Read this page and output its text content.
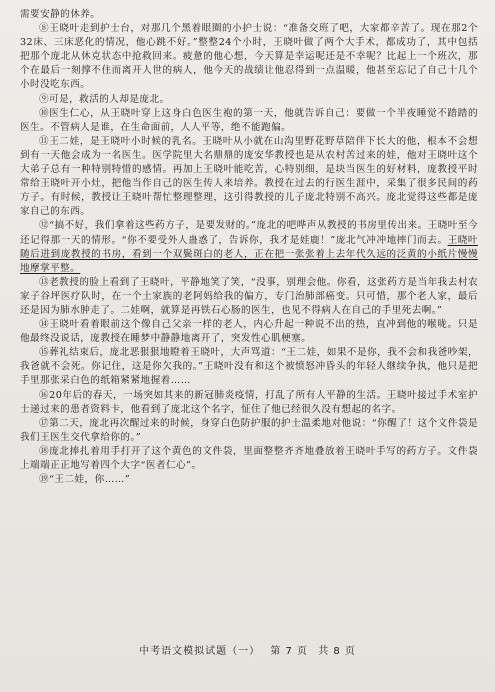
需要安静的休养。

⑧王晓叶走到护士台，对那几个黑着眼圈的小护士说：“准备交班了吧，大家都辛苦了。现在那2个32床、三床恶化的情况，他心跳不好。”整整24个小时，王晓叶做了两个大手术，都成功了，其中包括把那个庞北从休克状态中抢救回来。疲惫的他心想，今天算是幸运呢还是不幸呢？比起上一个班次，那个在最后一刻撑不住而离开人世的病人，他今天的战绩让他忍得到一点温暖，他甚至忘记了自己十几个小时没吃东西。

⑨可是，救活的人却是庞北。

⑩医生仁心，从王晓叶穿上这身白色医生袍的第一天，他就告诉自己：要做一个半夜睡觉不踏踏的医生。不管病人是谁，在生命面前，人人平等，绝不能跑偏。

⑪王二娃，是王晓叶小时候的乳名。王晓叶从小就在山沟里野花野草陪伴下长大的他，根本不会想到有一天他会成为一名医生。医学院里大名鼎鼎的庞安华教授也是从农村苦过来的娃，他对王晓叶这个大弟子总有一种特别特惜的感情。再加上王晓叶能吃苦，心特别细，是块当医生的好材料，庞教授平时常给王晓叶开小灶，把他当作自己的医生传人来培养。教授在过去的行医生涯中，采集了很多民间的药方子。有时候，教授让王晓叶帮忙整理整理，这引得教授的儿子庞北特别不高兴。庞北觉得这些都是庞家自己的东西。

⑫“搞不好，我们拿着这些药方子，是要发财的。”庞北的吧哗声从教授的书房里传出来。王晓叶至今还记得那一天的情形。“你不要受外人蛊惑了，告诉你，我才是娃鹿！”庞北气冲冲地摔门而去。王晓叶随后进到庞教授的书房，看到一个双鬓斑白的老人，正在把一张张着上去年代久远的泛黄的小纸片慢慢地摩掌平整。

⑬老教授的脸上看到了王晓叶，平静地笑了笑，“没事，别理会他。你看，这张药方是当年我去村农家子谷坪医疗队时，在一个土家族的老阿妈给我的偏方，专门治肺部癌变。只可惜，那个老人家，最后还是因为肺水肿走了。二娃啊，就算是再铁石心肠的医生，也见不得病人在自己的手里死去啊。”

⑭王晓叶看着眼前这个像自己父亲一样的老人，内心升起一种说不出的热，直冲到他的喉咙。只是他最终没说话，庞教授在睡梦中静静地离开了，突发性心肌梗塞。

⑮葬礼结束后，庞北恶狠狠地瞪着王晓叶，大声骂道：“王二娃，如果不是你，我不会和我爸吵架，我爸就不会死。你记住，这是你欠我的。”王晓叶没有和这个被愤怒冲昏头的年轻人继续争执，他只是把手里那张采白色的纸箱紧紧地握着……

⑯20年后的春天，一场突如其来的新冠肺炎疫情，打乱了所有人平静的生活。王晓叶接过手术室护士递过来的患者资料卡，他看到了庞北这个名字，怔住了他已经很久没有想起的名字。

⑰第二天，庞北再次醒过来的时候，身穿白色防护服的护士温柔地对他说：“你醒了！这个文件袋是我们王医生交代拿给你的。”

⑱庞北捧扎着用手打开了这个黄色的文件袋，里面整整齐齐地叠放着王晓叶手写的药方子。文件袋上端端正正地写着四个大字“医者仁心”。

⑲“王二娃，你……”

中考语文模拟试题（一） 第 7 页 共 8 页
